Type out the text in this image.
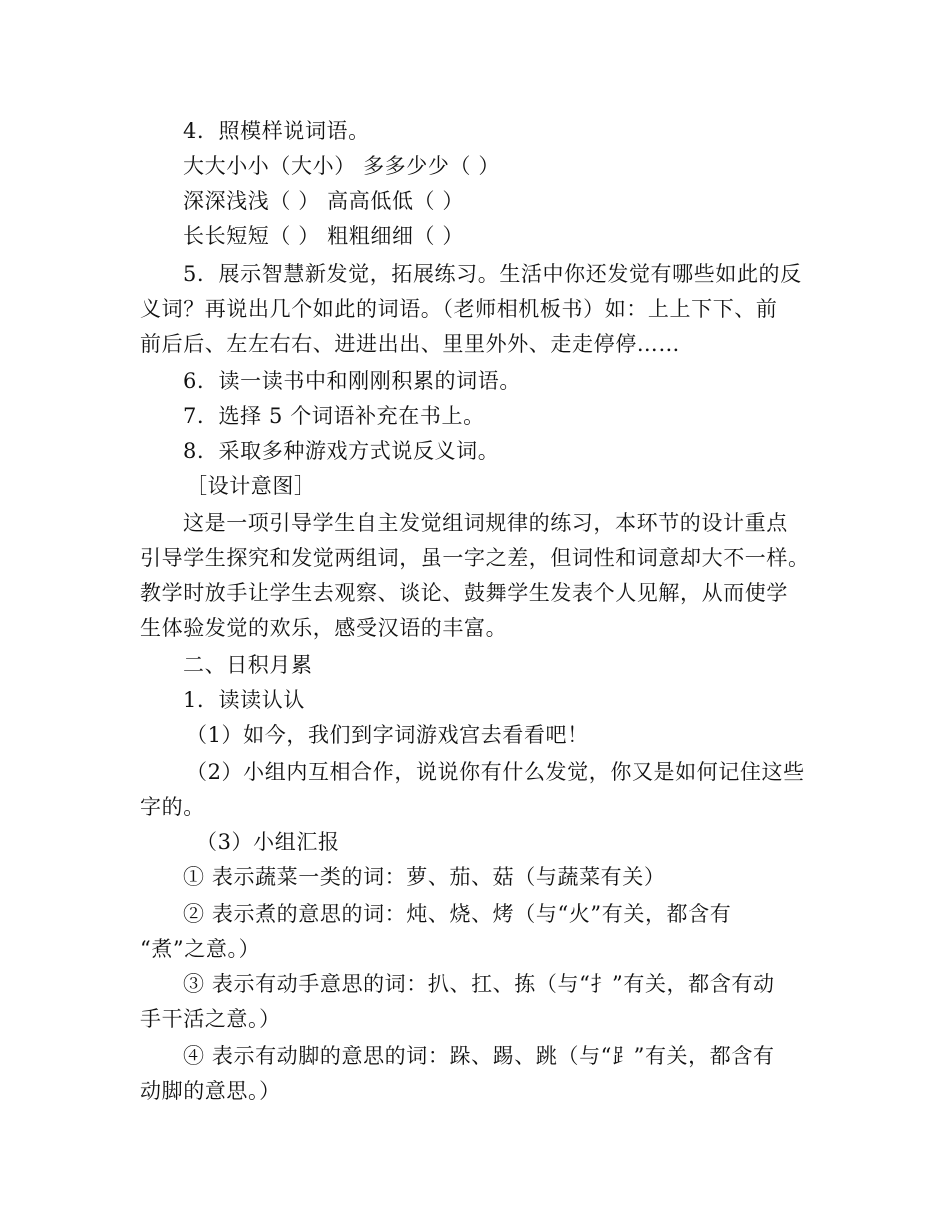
4．照模样说词语。
大大小小（大小） 多多少少（ ）
深深浅浅（ ） 高高低低（ ）
长长短短（ ） 粗粗细细（ ）
5．展示智慧新发觉，拓展练习。生活中你还发觉有哪些如此的反
义词？再说出几个如此的词语。（老师相机板书）如：上上下下、前
前后后、左左右右、进进出出、里里外外、走走停停……
6．读一读书中和刚刚积累的词语。
7．选择 5 个词语补充在书上。
8．采取多种游戏方式说反义词。
［设计意图］
这是一项引导学生自主发觉组词规律的练习，本环节的设计重点
引导学生探究和发觉两组词，虽一字之差，但词性和词意却大不一样。
教学时放手让学生去观察、谈论、鼓舞学生发表个人见解，从而使学
生体验发觉的欢乐，感受汉语的丰富。
二、日积月累
1．读读认认
（1）如今，我们到字词游戏宫去看看吧！
（2）小组内互相合作，说说你有什么发觉，你又是如何记住这些
字的。
（3）小组汇报
① 表示蔬菜一类的词：萝、茄、菇（与蔬菜有关）
② 表示煮的意思的词：炖、烧、烤（与“火”有关，都含有
“煮”之意。）
③ 表示有动手意思的词：扒、扛、拣（与“扌”有关，都含有动
手干活之意。）
④ 表示有动脚的意思的词：跺、踢、跳（与“⻊”有关，都含有
动脚的意思。）
